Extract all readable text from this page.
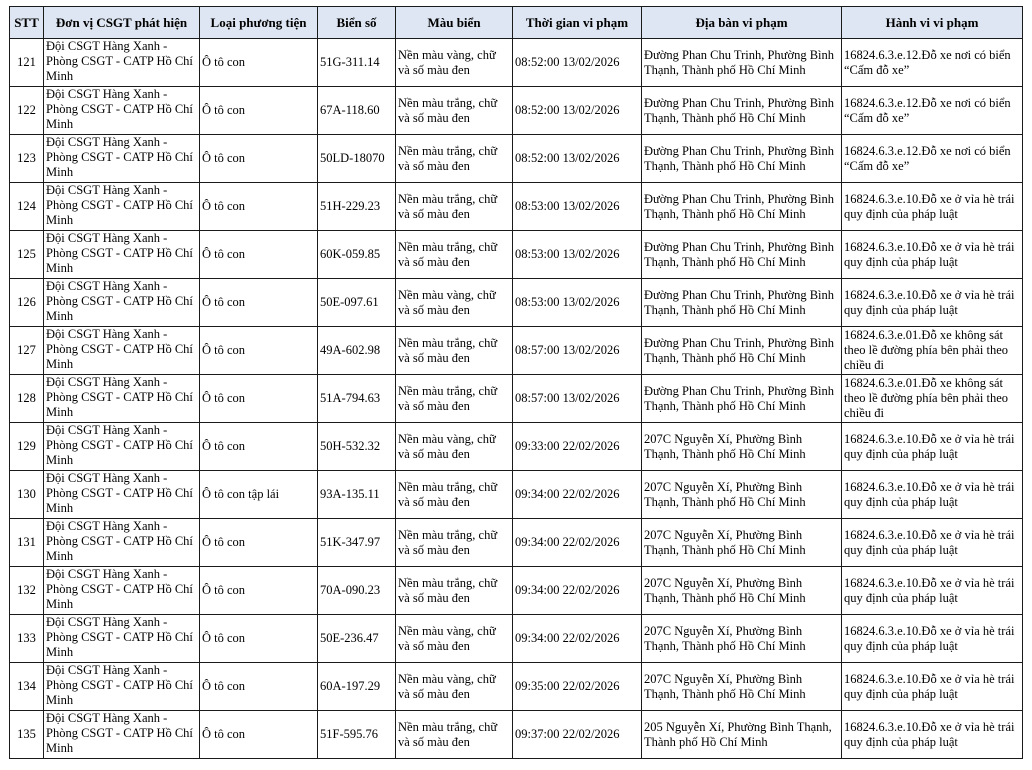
STT	Đơn vị CSGT phát hiện	Loại phương tiện	Biển số	Màu biển	Thời gian vi phạm	Địa bàn vi phạm	Hành vi vi phạm

121	Đội CSGT Hàng Xanh - Phòng CSGT - CATP Hồ Chí Minh	Ô tô con	51G-311.14	Nền màu vàng, chữ và số màu đen	08:52:00 13/02/2026	Đường Phan Chu Trinh, Phường Bình Thạnh, Thành phố Hồ Chí Minh	16824.6.3.e.12.Đỗ xe nơi có biển “Cấm đỗ xe”

122	Đội CSGT Hàng Xanh - Phòng CSGT - CATP Hồ Chí Minh	Ô tô con	67A-118.60	Nền màu trắng, chữ và số màu đen	08:52:00 13/02/2026	Đường Phan Chu Trinh, Phường Bình Thạnh, Thành phố Hồ Chí Minh	16824.6.3.e.12.Đỗ xe nơi có biển “Cấm đỗ xe”

123	Đội CSGT Hàng Xanh - Phòng CSGT - CATP Hồ Chí Minh	Ô tô con	50LD-18070	Nền màu trắng, chữ và số màu đen	08:52:00 13/02/2026	Đường Phan Chu Trinh, Phường Bình Thạnh, Thành phố Hồ Chí Minh	16824.6.3.e.12.Đỗ xe nơi có biển “Cấm đỗ xe”

124	Đội CSGT Hàng Xanh - Phòng CSGT - CATP Hồ Chí Minh	Ô tô con	51H-229.23	Nền màu trắng, chữ và số màu đen	08:53:00 13/02/2026	Đường Phan Chu Trinh, Phường Bình Thạnh, Thành phố Hồ Chí Minh	16824.6.3.e.10.Đỗ xe ở vỉa hè trái quy định của pháp luật

125	Đội CSGT Hàng Xanh - Phòng CSGT - CATP Hồ Chí Minh	Ô tô con	60K-059.85	Nền màu trắng, chữ và số màu đen	08:53:00 13/02/2026	Đường Phan Chu Trinh, Phường Bình Thạnh, Thành phố Hồ Chí Minh	16824.6.3.e.10.Đỗ xe ở vỉa hè trái quy định của pháp luật

126	Đội CSGT Hàng Xanh - Phòng CSGT - CATP Hồ Chí Minh	Ô tô con	50E-097.61	Nền màu vàng, chữ và số màu đen	08:53:00 13/02/2026	Đường Phan Chu Trinh, Phường Bình Thạnh, Thành phố Hồ Chí Minh	16824.6.3.e.10.Đỗ xe ở vỉa hè trái quy định của pháp luật

127	Đội CSGT Hàng Xanh - Phòng CSGT - CATP Hồ Chí Minh	Ô tô con	49A-602.98	Nền màu trắng, chữ và số màu đen	08:57:00 13/02/2026	Đường Phan Chu Trinh, Phường Bình Thạnh, Thành phố Hồ Chí Minh	16824.6.3.e.01.Đỗ xe không sát theo lề đường phía bên phải theo chiều đi

128	Đội CSGT Hàng Xanh - Phòng CSGT - CATP Hồ Chí Minh	Ô tô con	51A-794.63	Nền màu trắng, chữ và số màu đen	08:57:00 13/02/2026	Đường Phan Chu Trinh, Phường Bình Thạnh, Thành phố Hồ Chí Minh	16824.6.3.e.01.Đỗ xe không sát theo lề đường phía bên phải theo chiều đi

129	Đội CSGT Hàng Xanh - Phòng CSGT - CATP Hồ Chí Minh	Ô tô con	50H-532.32	Nền màu vàng, chữ và số màu đen	09:33:00 22/02/2026	207C Nguyễn Xí, Phường Bình Thạnh, Thành phố Hồ Chí Minh	16824.6.3.e.10.Đỗ xe ở vỉa hè trái quy định của pháp luật

130	Đội CSGT Hàng Xanh - Phòng CSGT - CATP Hồ Chí Minh	Ô tô con tập lái	93A-135.11	Nền màu trắng, chữ và số màu đen	09:34:00 22/02/2026	207C Nguyễn Xí, Phường Bình Thạnh, Thành phố Hồ Chí Minh	16824.6.3.e.10.Đỗ xe ở vỉa hè trái quy định của pháp luật

131	Đội CSGT Hàng Xanh - Phòng CSGT - CATP Hồ Chí Minh	Ô tô con	51K-347.97	Nền màu trắng, chữ và số màu đen	09:34:00 22/02/2026	207C Nguyễn Xí, Phường Bình Thạnh, Thành phố Hồ Chí Minh	16824.6.3.e.10.Đỗ xe ở vỉa hè trái quy định của pháp luật

132	Đội CSGT Hàng Xanh - Phòng CSGT - CATP Hồ Chí Minh	Ô tô con	70A-090.23	Nền màu trắng, chữ và số màu đen	09:34:00 22/02/2026	207C Nguyễn Xí, Phường Bình Thạnh, Thành phố Hồ Chí Minh	16824.6.3.e.10.Đỗ xe ở vỉa hè trái quy định của pháp luật

133	Đội CSGT Hàng Xanh - Phòng CSGT - CATP Hồ Chí Minh	Ô tô con	50E-236.47	Nền màu vàng, chữ và số màu đen	09:34:00 22/02/2026	207C Nguyễn Xí, Phường Bình Thạnh, Thành phố Hồ Chí Minh	16824.6.3.e.10.Đỗ xe ở vỉa hè trái quy định của pháp luật

134	Đội CSGT Hàng Xanh - Phòng CSGT - CATP Hồ Chí Minh	Ô tô con	60A-197.29	Nền màu vàng, chữ và số màu đen	09:35:00 22/02/2026	207C Nguyễn Xí, Phường Bình Thạnh, Thành phố Hồ Chí Minh	16824.6.3.e.10.Đỗ xe ở vỉa hè trái quy định của pháp luật

135	Đội CSGT Hàng Xanh - Phòng CSGT - CATP Hồ Chí Minh	Ô tô con	51F-595.76	Nền màu trắng, chữ và số màu đen	09:37:00 22/02/2026	205 Nguyễn Xí, Phường Bình Thạnh, Thành phố Hồ Chí Minh	16824.6.3.e.10.Đỗ xe ở vỉa hè trái quy định của pháp luật
